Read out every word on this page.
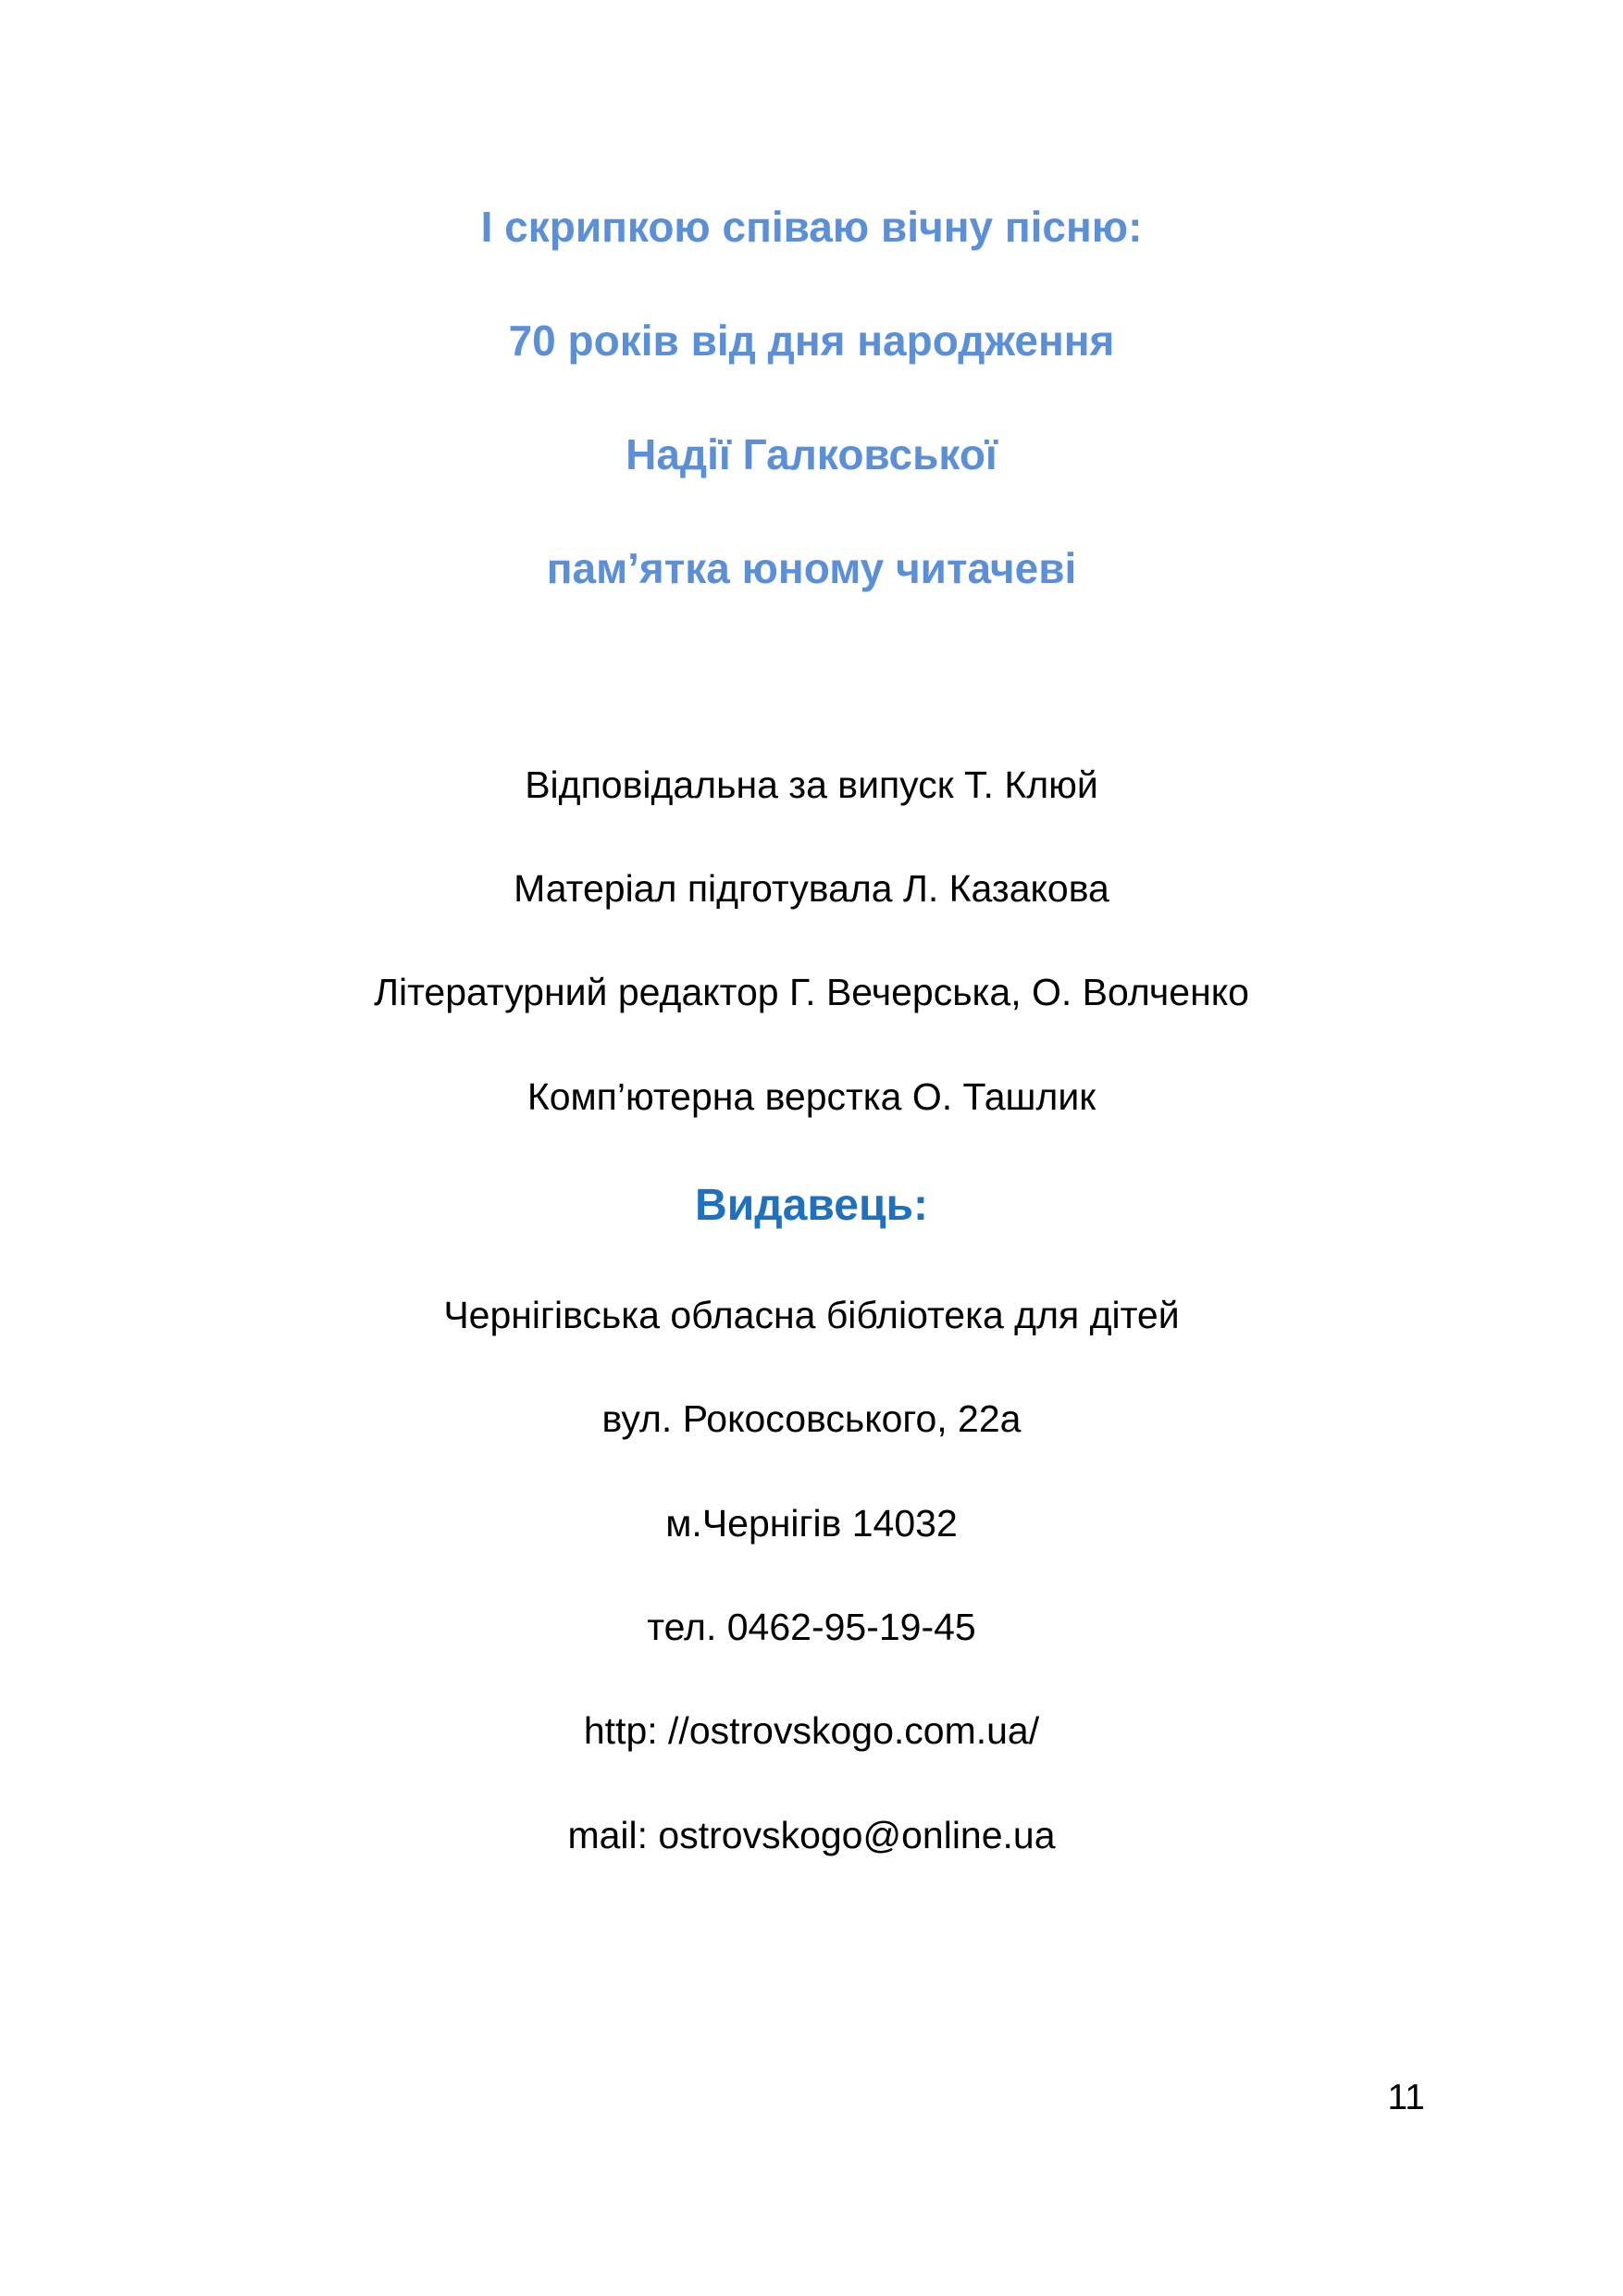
І скрипкою співаю вічну пісню:
70 років від дня народження
Надії Галковської
пам’ятка юному читачеві
Відповідальна за випуск Т. Клюй
Матеріал підготувала Л. Казакова
Літературний редактор Г. Вечерська, О. Волченко
Комп’ютерна верстка О. Ташлик
Видавець:
Чернігівська обласна бібліотека для дітей
вул. Рокосовського, 22а
м.Чернігів 14032
тел. 0462-95-19-45
http: //ostrovskogo.com.ua/
mail: ostrovskogo@online.ua
11
